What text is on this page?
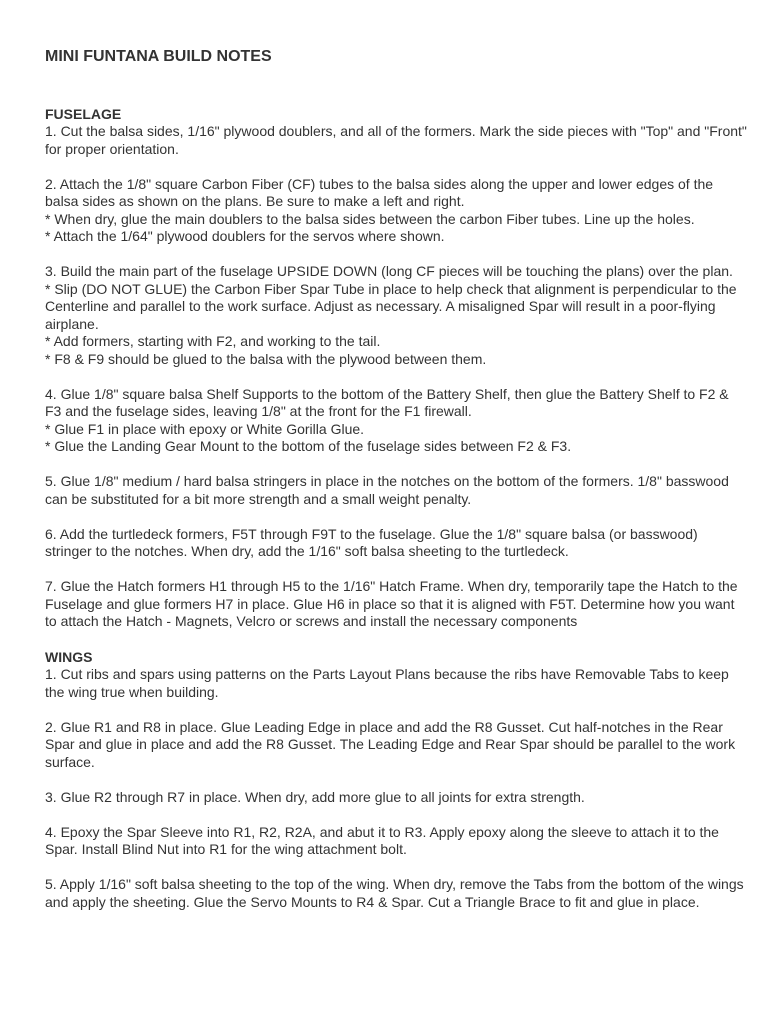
MINI FUNTANA BUILD NOTES
FUSELAGE
1. Cut the balsa sides, 1/16" plywood doublers, and all of the formers. Mark the side pieces with "Top" and "Front" for proper orientation.
2. Attach the 1/8" square Carbon Fiber (CF) tubes to the balsa sides along the upper and lower edges of the balsa sides as shown on the plans. Be sure to make a left and right.
* When dry, glue the main doublers to the balsa sides between the carbon Fiber tubes. Line up the holes.
* Attach the 1/64" plywood doublers for the servos where shown.
3. Build the main part of the fuselage UPSIDE DOWN (long CF pieces will be touching the plans) over the plan.
* Slip (DO NOT GLUE) the Carbon Fiber Spar Tube in place to help check that alignment is perpendicular to the Centerline and parallel to the work surface. Adjust as necessary. A misaligned Spar will result in a poor-flying airplane.
* Add formers, starting with F2, and working to the tail.
* F8 & F9 should be glued to the balsa with the plywood between them.
4. Glue 1/8" square balsa Shelf Supports to the bottom of the Battery Shelf, then glue the Battery Shelf to F2 & F3 and the fuselage sides, leaving 1/8" at the front for the F1 firewall.
* Glue F1 in place with epoxy or White Gorilla Glue.
* Glue the Landing Gear Mount to the bottom of the fuselage sides between F2 & F3.
5. Glue 1/8" medium / hard balsa stringers in place in the notches on the bottom of the formers. 1/8" basswood can be substituted for a bit more strength and a small weight penalty.
6. Add the turtledeck formers, F5T through F9T to the fuselage. Glue the 1/8" square balsa (or basswood) stringer to the notches. When dry, add the 1/16" soft balsa sheeting to the turtledeck.
7. Glue the Hatch formers H1 through H5 to the 1/16" Hatch Frame. When dry, temporarily tape the Hatch to the Fuselage and glue formers H7 in place. Glue H6 in place so that it is aligned with F5T. Determine how you want to attach the Hatch - Magnets, Velcro or screws and install the necessary components
WINGS
1. Cut ribs and spars using patterns on the Parts Layout Plans because the ribs have Removable Tabs to keep the wing true when building.
2. Glue R1 and R8 in place. Glue Leading Edge in place and add the R8 Gusset. Cut half-notches in the Rear Spar and glue in place and add the R8 Gusset. The Leading Edge and Rear Spar should be parallel to the work surface.
3. Glue R2 through R7 in place. When dry, add more glue to all joints for extra strength.
4. Epoxy the Spar Sleeve into R1, R2, R2A, and abut it to R3. Apply epoxy along the sleeve to attach it to the Spar. Install Blind Nut into R1 for the wing attachment bolt.
5. Apply 1/16" soft balsa sheeting to the top of the wing. When dry, remove the Tabs from the bottom of the wings and apply the sheeting. Glue the Servo Mounts to R4 & Spar. Cut a Triangle Brace to fit and glue in place.
